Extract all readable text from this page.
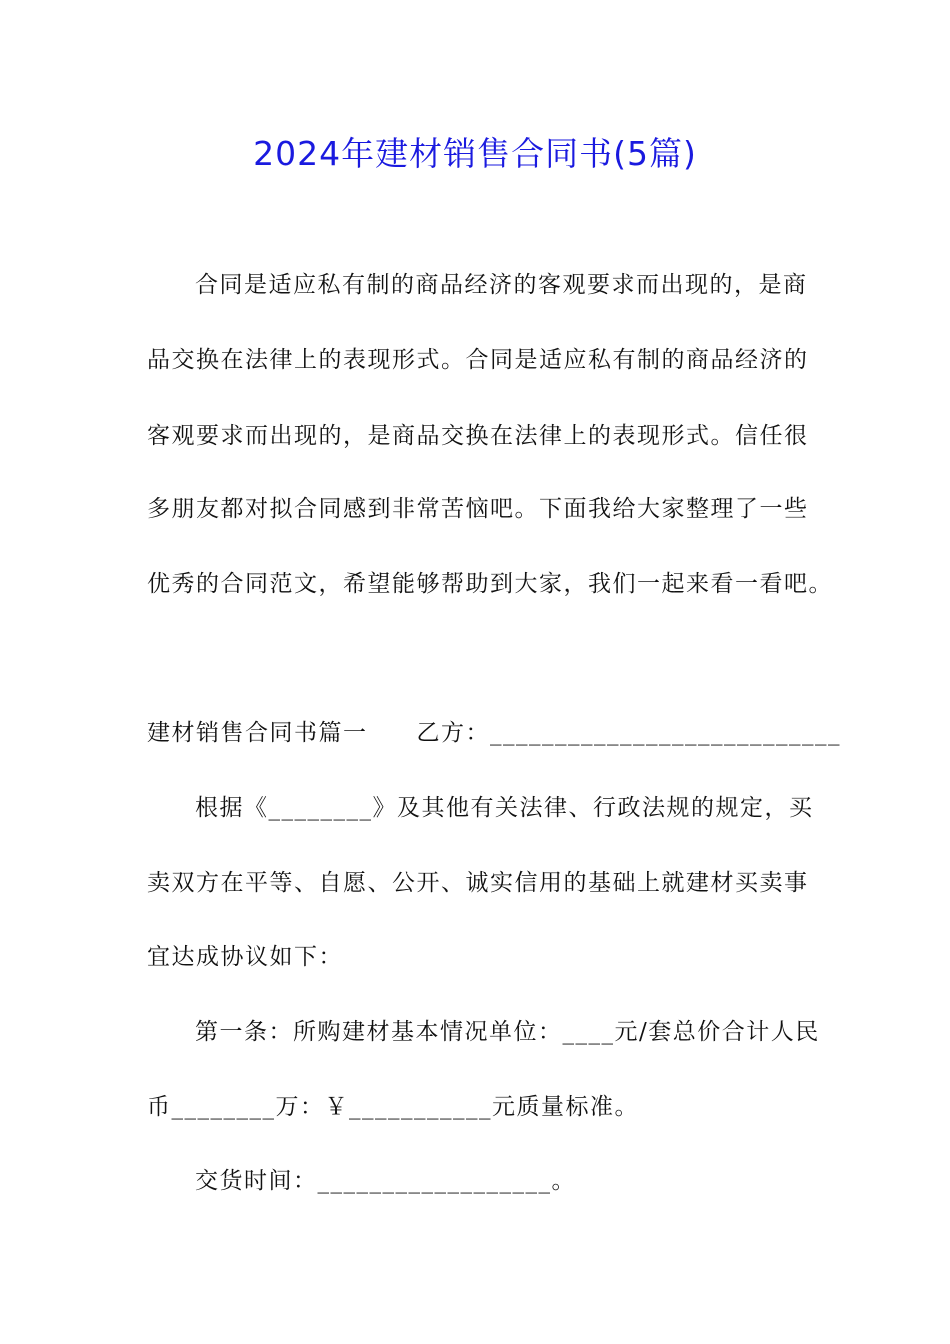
2024年建材销售合同书(5篇)
合同是适应私有制的商品经济的客观要求而出现的，是商
品交换在法律上的表现形式。合同是适应私有制的商品经济的
客观要求而出现的，是商品交换在法律上的表现形式。信任很
多朋友都对拟合同感到非常苦恼吧。下面我给大家整理了一些
优秀的合同范文，希望能够帮助到大家，我们一起来看一看吧。
建材销售合同书篇一　　乙方：___________________________
根据《________》及其他有关法律、行政法规的规定，买
卖双方在平等、自愿、公开、诚实信用的基础上就建材买卖事
宜达成协议如下：
第一条：所购建材基本情况单位：____元/套总价合计人民
币________万：￥___________元质量标准。
交货时间：__________________。
